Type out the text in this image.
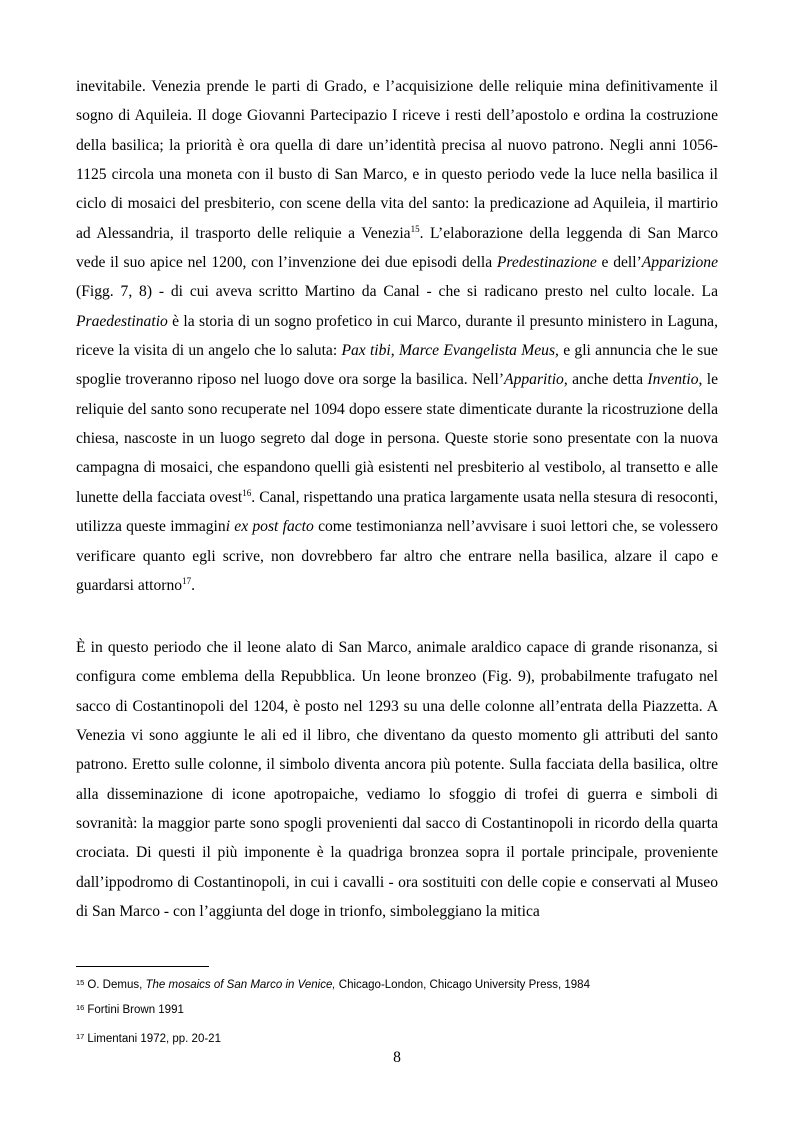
inevitabile. Venezia prende le parti di Grado, e l’acquisizione delle reliquie mina definitivamente il sogno di Aquileia. Il doge Giovanni Partecipazio I riceve i resti dell’apostolo e ordina la costruzione della basilica; la priorità è ora quella di dare un’identità precisa al nuovo patrono. Negli anni 1056-1125 circola una moneta con il busto di San Marco, e in questo periodo vede la luce nella basilica il ciclo di mosaici del presbiterio, con scene della vita del santo: la predicazione ad Aquileia, il martirio ad Alessandria, il trasporto delle reliquie a Venezia$^{15}$. L’elaborazione della leggenda di San Marco vede il suo apice nel 1200, con l’invenzione dei due episodi della Predestinazione e dell’Apparizione (Figg. 7, 8) - di cui aveva scritto Martino da Canal - che si radicano presto nel culto locale. La Praedestinatio è la storia di un sogno profetico in cui Marco, durante il presunto ministero in Laguna, riceve la visita di un angelo che lo saluta: Pax tibi, Marce Evangelista Meus, e gli annuncia che le sue spoglie troveranno riposo nel luogo dove ora sorge la basilica. Nell’Apparitio, anche detta Inventio, le reliquie del santo sono recuperate nel 1094 dopo essere state dimenticate durante la ricostruzione della chiesa, nascoste in un luogo segreto dal doge in persona. Queste storie sono presentate con la nuova campagna di mosaici, che espandono quelli già esistenti nel presbiterio al vestibolo, al transetto e alle lunette della facciata ovest$^{16}$. Canal, rispettando una pratica largamente usata nella stesura di resoconti, utilizza queste immagini ex post facto come testimonianza nell’avvisare i suoi lettori che, se volessero verificare quanto egli scrive, non dovrebbero far altro che entrare nella basilica, alzare il capo e guardarsi attorno$^{17}$.

È in questo periodo che il leone alato di San Marco, animale araldico capace di grande risonanza, si configura come emblema della Repubblica. Un leone bronzeo (Fig. 9), probabilmente trafugato nel sacco di Costantinopoli del 1204, è posto nel 1293 su una delle colonne all’entrata della Piazzetta. A Venezia vi sono aggiunte le ali ed il libro, che diventano da questo momento gli attributi del santo patrono. Eretto sulle colonne, il simbolo diventa ancora più potente. Sulla facciata della basilica, oltre alla disseminazione di icone apotropaiche, vediamo lo sfoggio di trofei di guerra e simboli di sovranità: la maggior parte sono spogli provenienti dal sacco di Costantinopoli in ricordo della quarta crociata. Di questi il più imponente è la quadriga bronzea sopra il portale principale, proveniente dall’ippodromo di Costantinopoli, in cui i cavalli - ora sostituiti con delle copie e conservati al Museo di San Marco - con l’aggiunta del doge in trionfo, simboleggiano la mitica

$^{15}$ O. Demus, The mosaics of San Marco in Venice, Chicago-London, Chicago University Press, 1984

$^{16}$ Fortini Brown 1991

$^{17}$ Limentani 1972, pp. 20-21

8
